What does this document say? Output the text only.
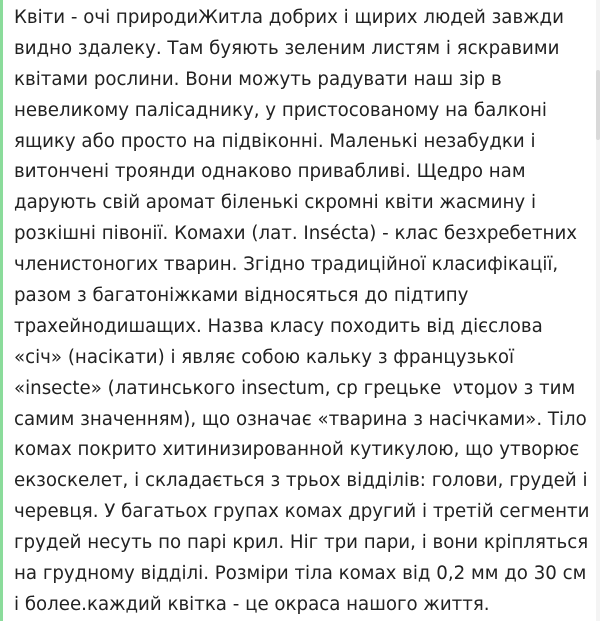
Квіти - очі природиЖитла добрих і щирих людей завжди
видно здалеку. Там буяють зеленим листям і яскравими
квітами рослини. Вони можуть радувати наш зір в
невеликому палісаднику, у пристосованому на балконі
ящику або просто на підвіконні. Маленькі незабудки і
витончені троянди однаково привабливі. Щедро нам
дарують свій аромат біленькі скромні квіти жасмину і
розкішні півонії. Комахи (лат. Insécta) - клас безхребетних
членистоногих тварин. Згідно традиційної класифікації,
разом з багатоніжками відносяться до підтипу
трахейнодишащих. Назва класу походить від дієслова
«січ» (насікати) і являє собою кальку з французької
«insecte» (латинського insectum, ср грецьке  ντομον з тим
самим значенням), що означає «тварина з насічками». Тіло
комах покрито хитинизированной кутикулою, що утворює
екзоскелет, і складається з трьох відділів: голови, грудей і
черевця. У багатьох групах комах другий і третій сегменти
грудей несуть по парі крил. Ніг три пари, і вони кріпляться
на грудному відділі. Розміри тіла комах від 0,2 мм до 30 см
і более.каждий квітка - це окраса нашого життя.
